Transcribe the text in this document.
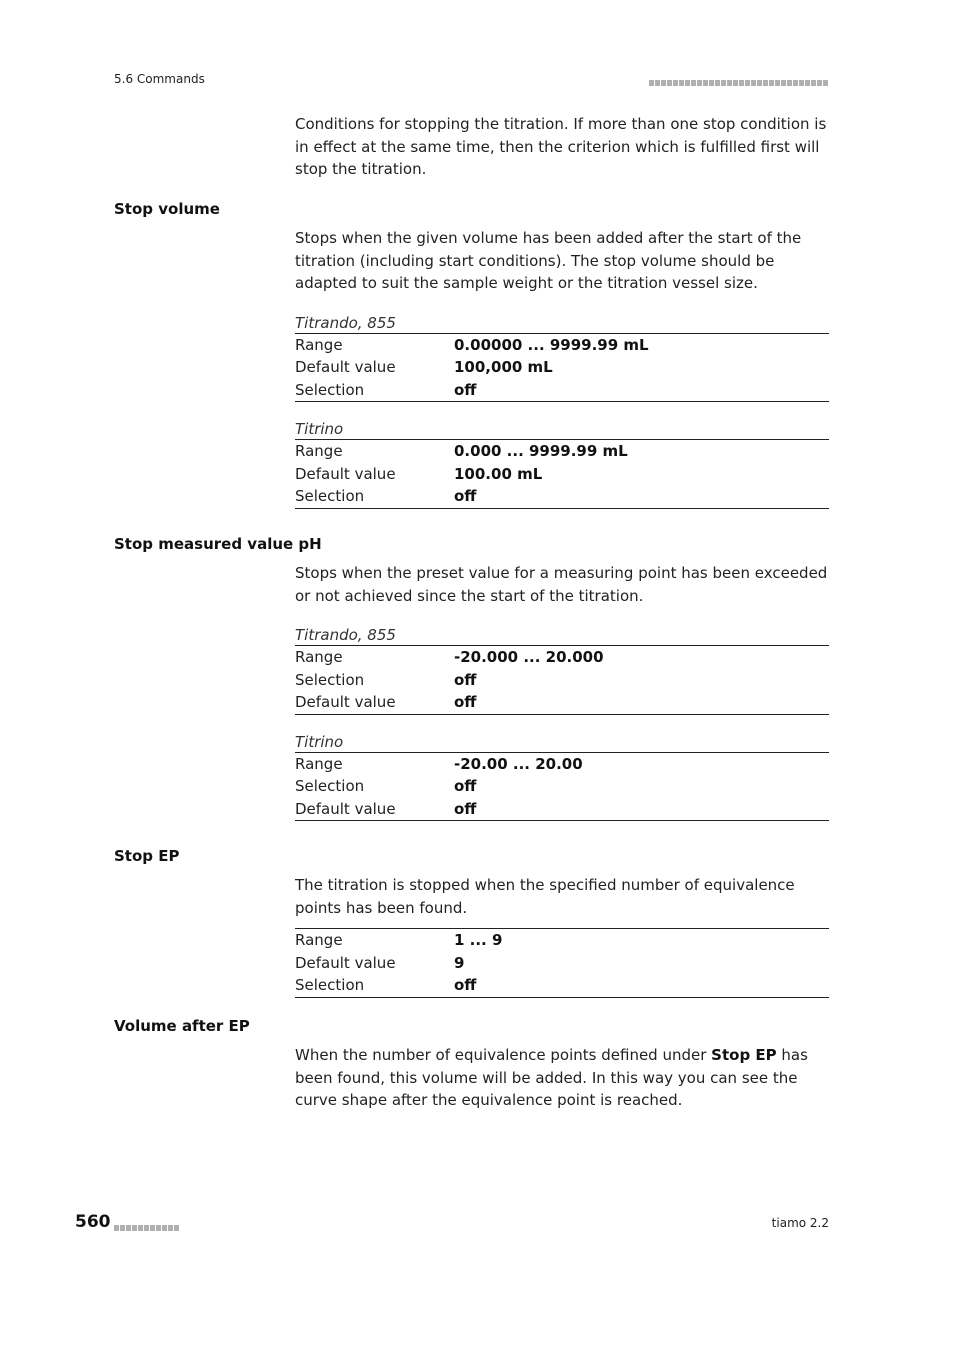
5.6 Commands

Conditions for stopping the titration. If more than one stop condition is in effect at the same time, then the criterion which is fulfilled first will stop the titration.

Stop volume

Stops when the given volume has been added after the start of the titration (including start conditions). The stop volume should be adapted to suit the sample weight or the titration vessel size.

Titrando, 855
Range	0.00000 ... 9999.99 mL
Default value	100,000 mL
Selection	off
Titrino
Range	0.000 ... 9999.99 mL
Default value	100.00 mL
Selection	off
Stop measured value pH

Stops when the preset value for a measuring point has been exceeded or not achieved since the start of the titration.

Titrando, 855
Range	-20.000 ... 20.000
Selection	off
Default value	off
Titrino
Range	-20.00 ... 20.00
Selection	off
Default value	off
Stop EP

The titration is stopped when the specified number of equivalence points has been found.

Range	1 ... 9
Default value	9
Selection	off
Volume after EP

When the number of equivalence points defined under Stop EP has been found, this volume will be added. In this way you can see the curve shape after the equivalence point is reached.

560	tiamo 2.2
